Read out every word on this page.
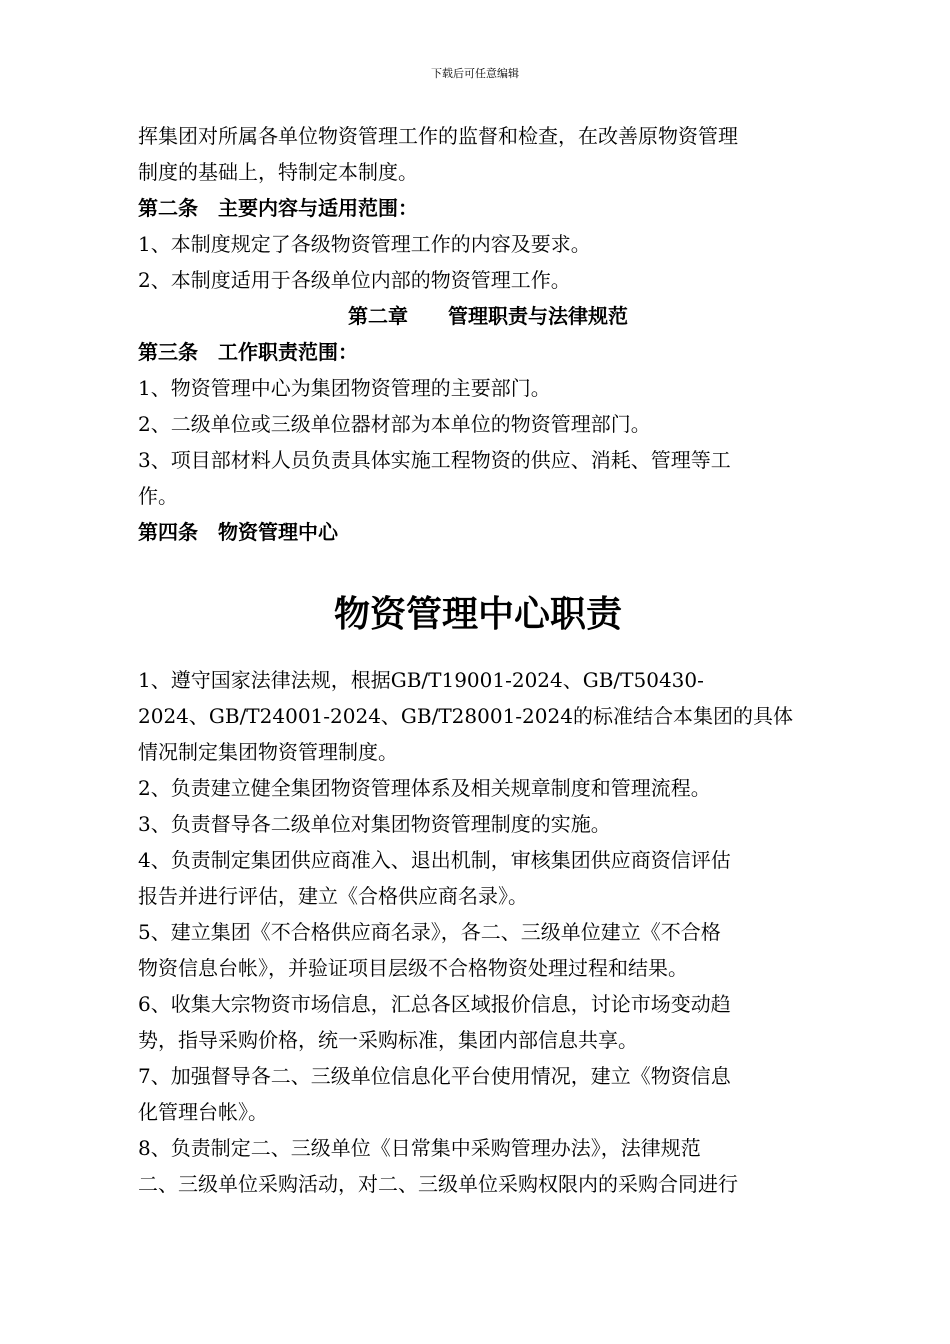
下载后可任意编辑
挥集团对所属各单位物资管理工作的监督和检查，在改善原物资管理
制度的基础上，特制定本制度。
第二条　主要内容与适用范围：
1、本制度规定了各级物资管理工作的内容及要求。
2、本制度适用于各级单位内部的物资管理工作。
第二章　　管理职责与法律规范
第三条　工作职责范围：
1、物资管理中心为集团物资管理的主要部门。
2、二级单位或三级单位器材部为本单位的物资管理部门。
3、项目部材料人员负责具体实施工程物资的供应、消耗、管理等工
作。
第四条　物资管理中心
物资管理中心职责
1、遵守国家法律法规，根据GB/T19001-2024、GB/T50430-
2024、GB/T24001-2024、GB/T28001-2024的标准结合本集团的具体
情况制定集团物资管理制度。
2、负责建立健全集团物资管理体系及相关规章制度和管理流程。
3、负责督导各二级单位对集团物资管理制度的实施。
4、负责制定集团供应商准入、退出机制，审核集团供应商资信评估
报告并进行评估，建立《合格供应商名录》。
5、建立集团《不合格供应商名录》，各二、三级单位建立《不合格
物资信息台帐》，并验证项目层级不合格物资处理过程和结果。
6、收集大宗物资市场信息，汇总各区域报价信息，讨论市场变动趋
势，指导采购价格，统一采购标准，集团内部信息共享。
7、加强督导各二、三级单位信息化平台使用情况，建立《物资信息
化管理台帐》。
8、负责制定二、三级单位《日常集中采购管理办法》，法律规范
二、三级单位采购活动，对二、三级单位采购权限内的采购合同进行
